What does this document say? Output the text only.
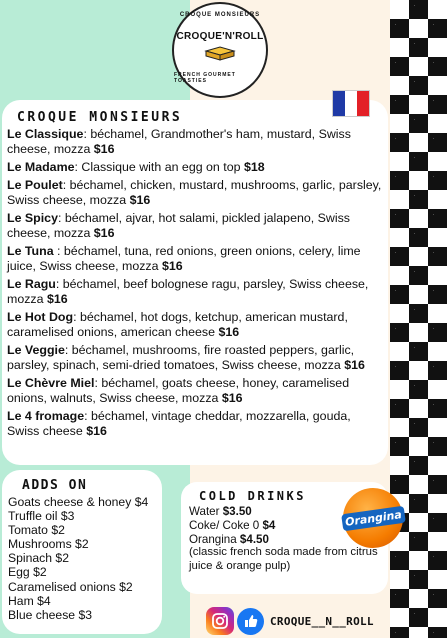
CROQUE MONSIEURS
CROQUE'N'ROLL
FRENCH GOURMET TOASTIES
CROQUE MONSIEURS
Le Classique: béchamel, Grandmother's ham, mustard, Swiss cheese, mozza $16
Le Madame: Classique with an egg on top $18
Le Poulet: béchamel, chicken, mustard, mushrooms, garlic, parsley, Swiss cheese, mozza $16
Le Spicy: béchamel, ajvar, hot salami, pickled jalapeno, Swiss cheese, mozza $16
Le Tuna : béchamel, tuna, red onions, green onions, celery, lime juice, Swiss cheese, mozza $16
Le Ragu: béchamel, beef bolognese ragu, parsley, Swiss cheese, mozza $16
Le Hot Dog: béchamel, hot dogs, ketchup, american mustard, caramelised onions, american cheese $16
Le Veggie: béchamel, mushrooms, fire roasted peppers, garlic, parsley, spinach, semi-dried tomatoes, Swiss cheese, mozza $16
Le Chèvre Miel: béchamel, goats cheese, honey, caramelised onions, walnuts, Swiss cheese, mozza $16
Le 4 fromage: béchamel, vintage cheddar, mozzarella, gouda, Swiss cheese $16
ADDS ON
Goats cheese & honey $4
Truffle oil $3
Tomato $2
Mushrooms $2
Spinach $2
Egg $2
Caramelised onions $2
Ham $4
Blue cheese $3
COLD DRINKS
Water $3.50
Coke/ Coke 0 $4
Orangina $4.50
(classic french soda made from citrus juice & orange pulp)
Orangina
CROQUE__N__ROLL
